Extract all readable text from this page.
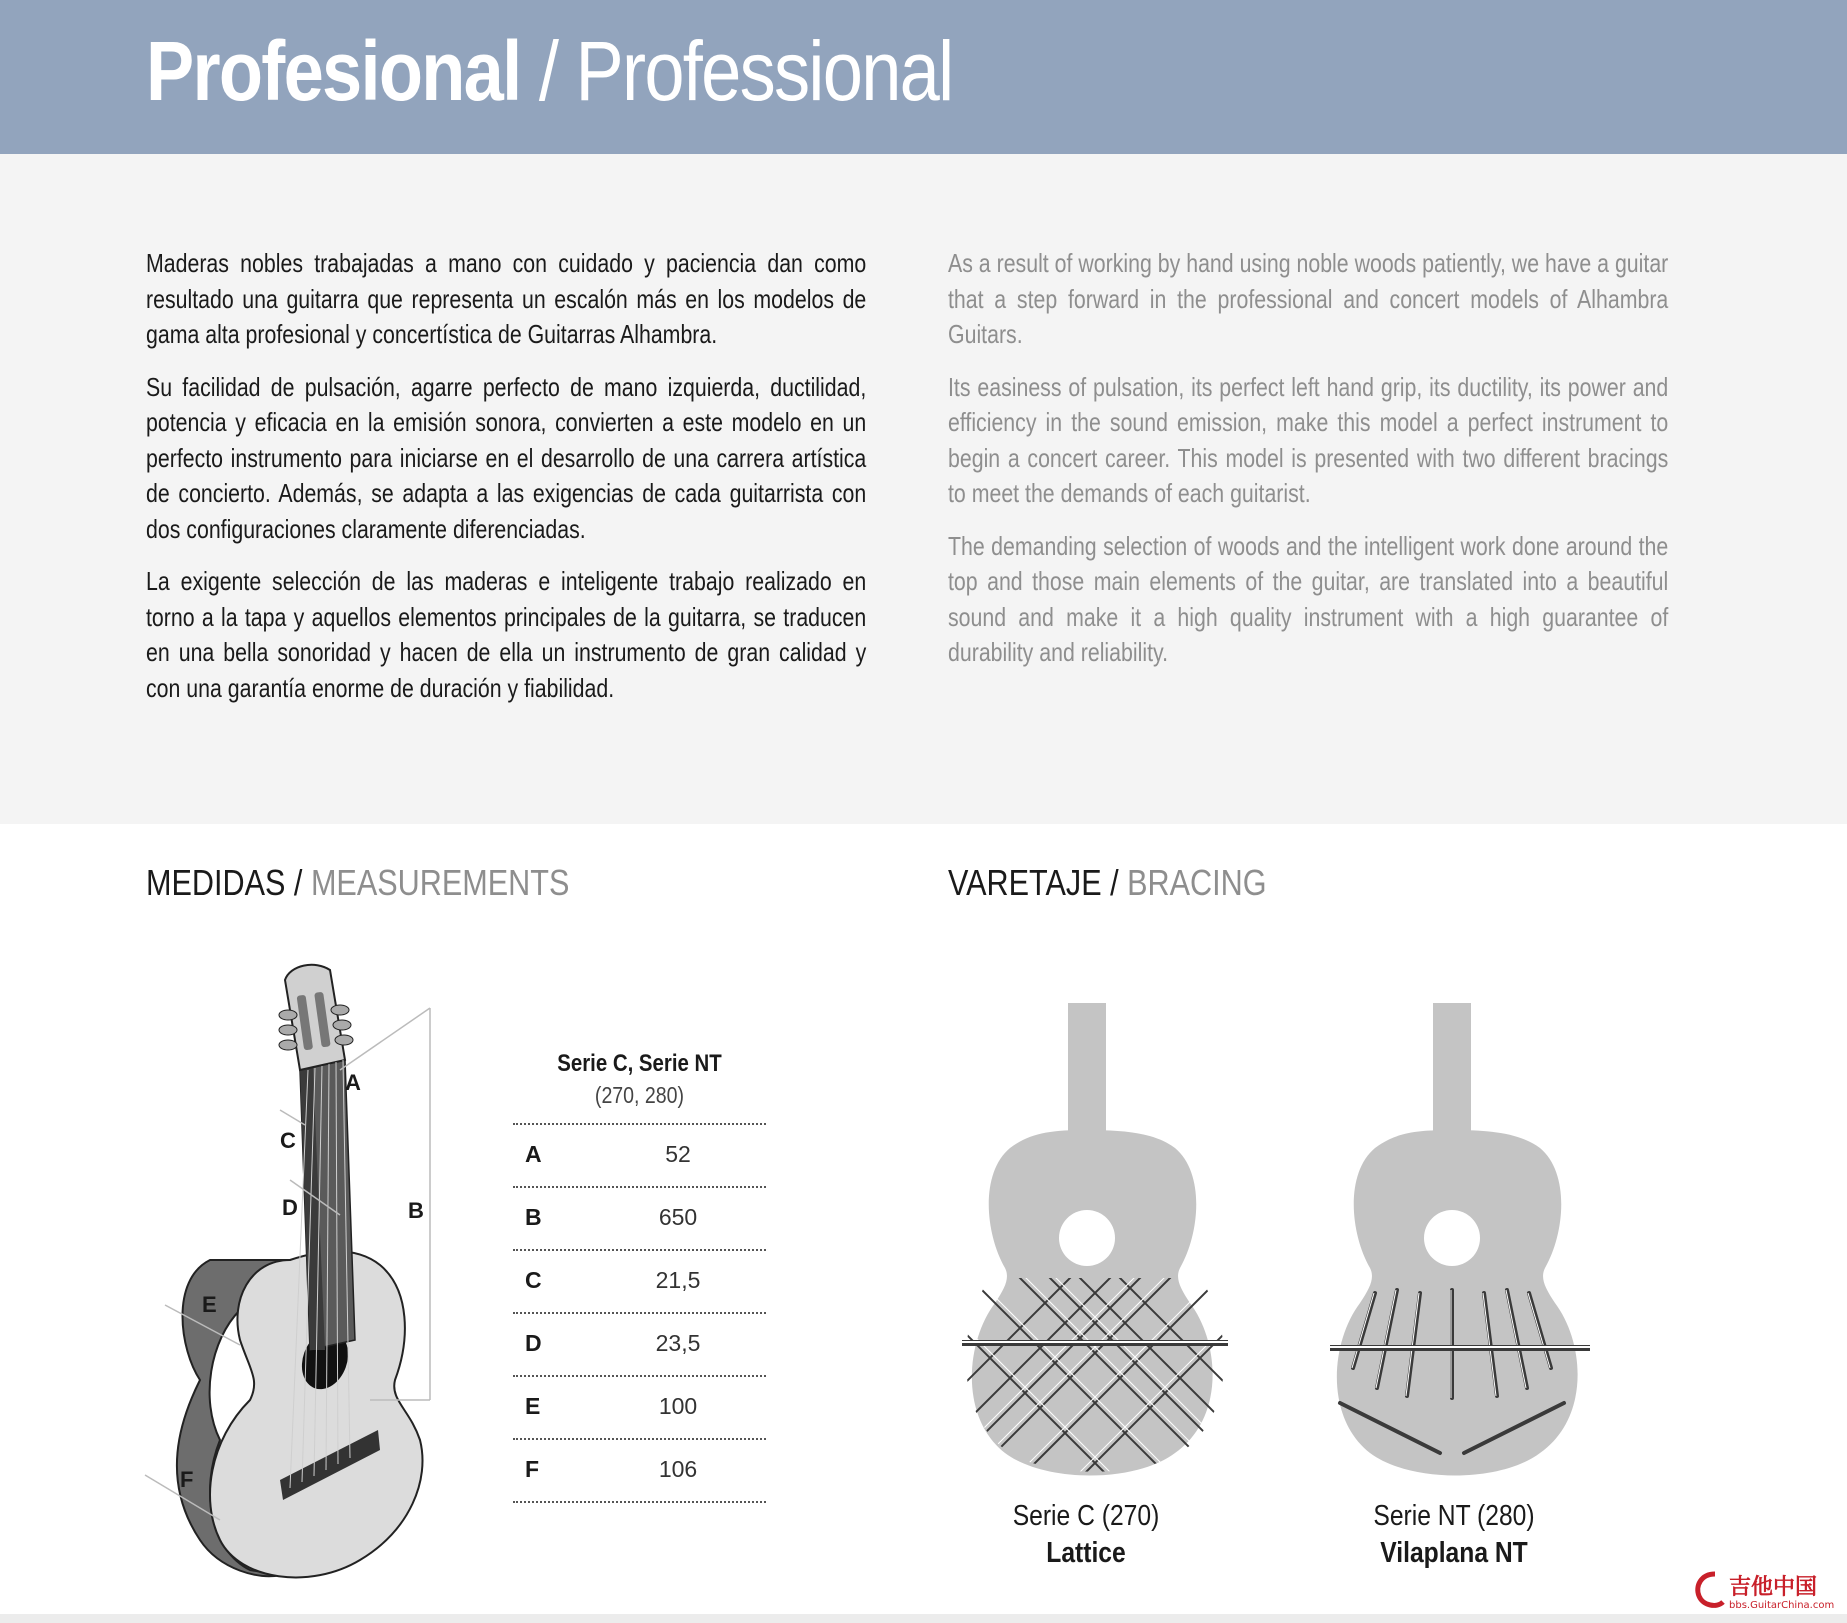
Profesional / Professional

Maderas nobles trabajadas a mano con cuidado y paciencia dan como resultado una guitarra que representa un escalón más en los modelos de gama alta profesional y concertística de Guitarras Alhambra.

Su facilidad de pulsación, agarre perfecto de mano izquierda, ductilidad, potencia y eficacia en la emisión sonora, convierten a este modelo en un perfecto instrumento para iniciarse en el desarrollo de una carrera artística de concierto. Además, se adapta a las exigencias de cada guitarrista con dos configuraciones claramente diferenciadas.

La exigente selección de las maderas e inteligente trabajo realizado en torno a la tapa y aquellos elementos principales de la guitarra, se traducen en una bella sonoridad y hacen de ella un instrumento de gran calidad y con una garantía enorme de duración y fiabilidad.

As a result of working by hand using noble woods patiently, we have a guitar that a step forward in the professional and concert models of Alhambra Guitars.

Its easiness of pulsation, its perfect left hand grip, its ductility, its power and efficiency in the sound emission, make this model a perfect instrument to begin a concert career. This model is presented with two different bracings to meet the demands of each guitarist.

The demanding selection of woods and the intelligent work done around the top and those main elements of the guitar, are translated into a beautiful sound and make it a high quality instrument with a high guarantee of durability and reliability.

MEDIDAS / MEASUREMENTS	VARETAJE / BRACING
A
B
C
D
E
F
Serie C, Serie NT
(270, 280)
A	52
B	650
C	21,5
D	23,5
E	100
F	106
Serie C (270)
Lattice
Serie NT (280)
Vilaplana NT
吉他中国
bbs.GuitarChina.com
